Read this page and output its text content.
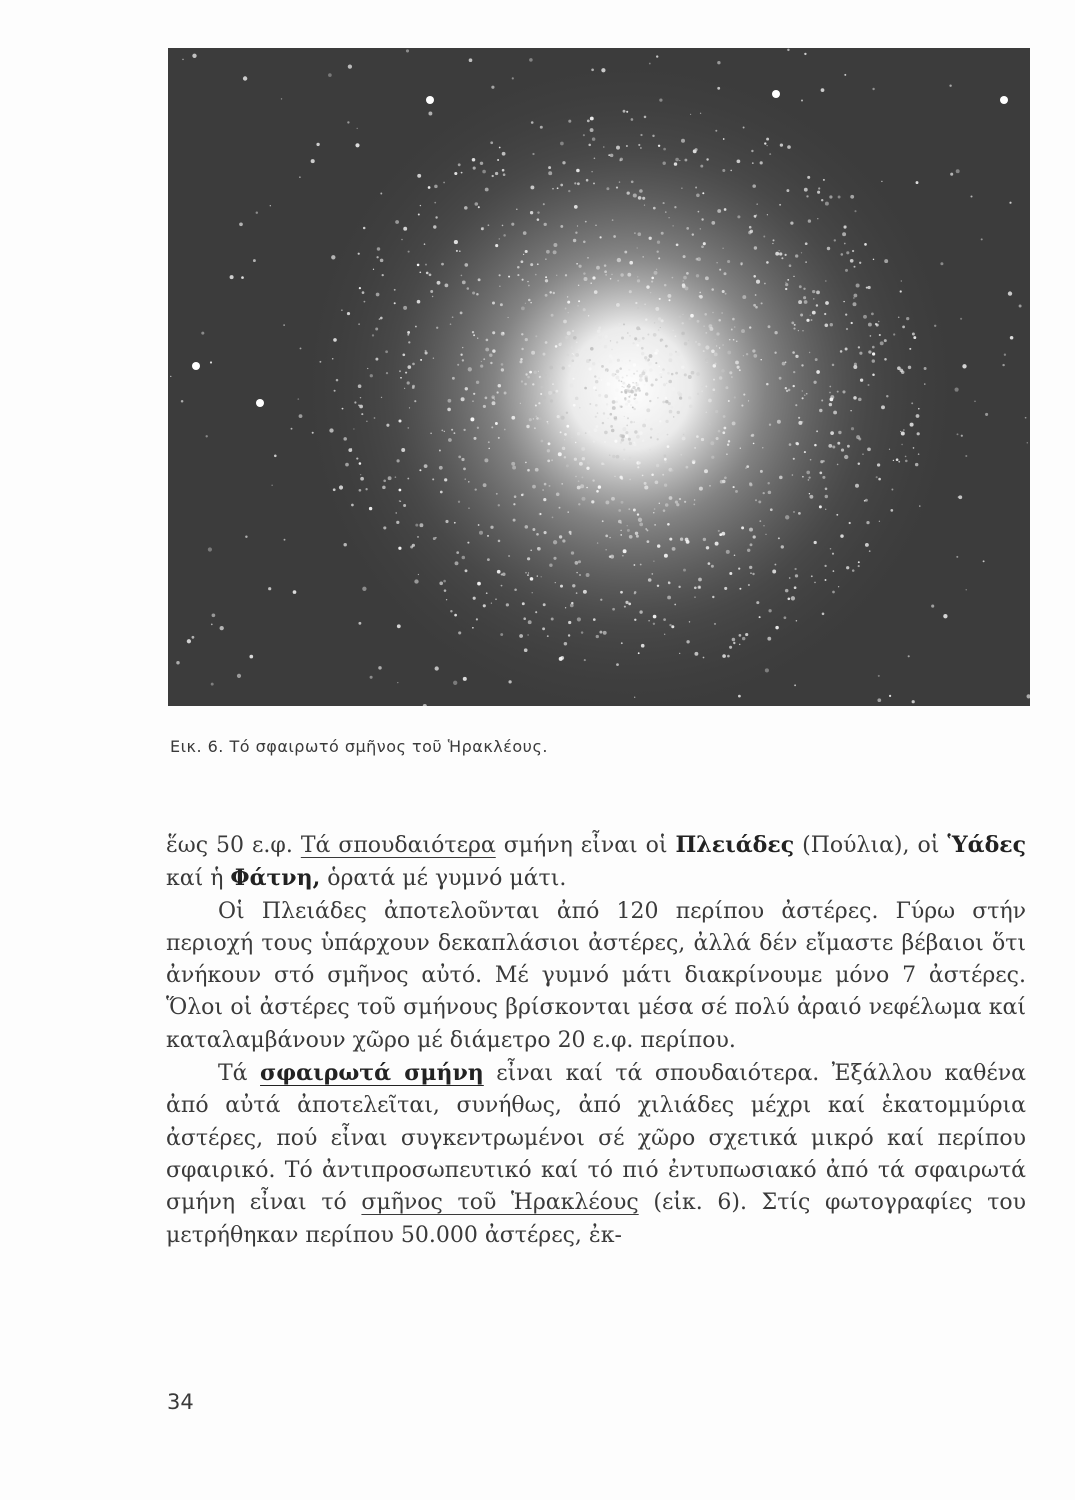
Εικ. 6. Τό σφαιρωτό σμῆνος τοῦ Ἡρακλέους.

ἕως 50 ε.φ. Τά σπουδαιότερα σμήνη εἶναι οἱ Πλειάδες (Πούλια), οἱ Ὑάδες καί ἡ Φάτνη, ὁρατά μέ γυμνό μάτι.

Οἱ Πλειάδες ἀποτελοῦνται ἀπό 120 περίπου ἀστέρες. Γύρω στήν περιοχή τους ὑπάρχουν δεκαπλάσιοι ἀστέρες, ἀλλά δέν εἴμαστε βέβαιοι ὅτι ἀνήκουν στό σμῆνος αὐτό. Μέ γυμνό μάτι διακρίνουμε μόνο 7 ἀστέρες. Ὅλοι οἱ ἀστέρες τοῦ σμήνους βρίσκονται μέσα σέ πολύ ἀραιό νεφέλωμα καί καταλαμβάνουν χῶρο μέ διάμετρο 20 ε.φ. περίπου.

Τά σφαιρωτά σμήνη εἶναι καί τά σπουδαιότερα. Ἐξάλλου καθένα ἀπό αὐτά ἀποτελεῖται, συνήθως, ἀπό χιλιάδες μέχρι καί ἑκατομμύρια ἀστέρες, πού εἶναι συγκεντρωμένοι σέ χῶρο σχετικά μικρό καί περίπου σφαιρικό. Τό ἀντιπροσωπευτικό καί τό πιό ἐντυπωσιακό ἀπό τά σφαιρωτά σμήνη εἶναι τό σμῆνος τοῦ Ἡρακλέους (εἰκ. 6). Στίς φωτογραφίες του μετρήθηκαν περίπου 50.000 ἀστέρες, ἐκ-

34
